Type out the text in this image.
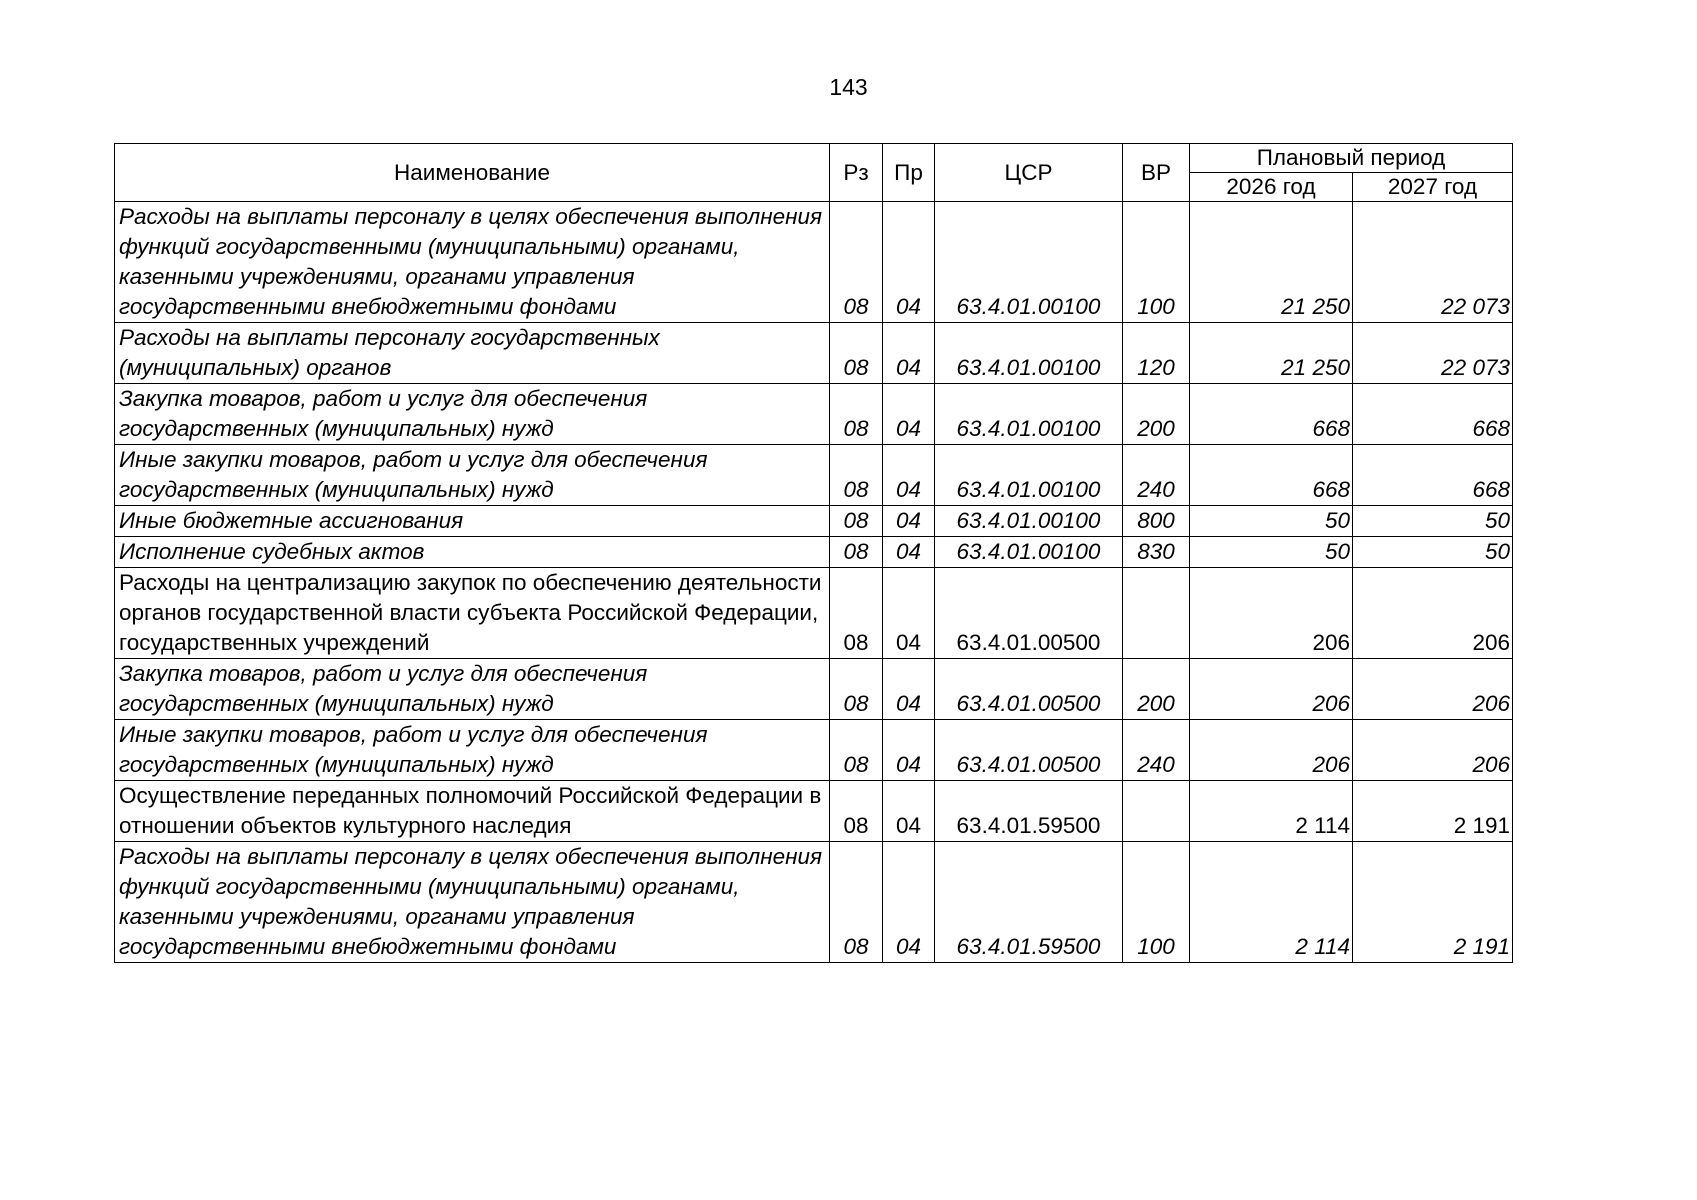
143
Наименование	Рз	Пр	ЦСР	ВР	Плановый период	
					2026 год	2027 год
Расходы на выплаты персоналу в целях обеспечения выполнения функций государственными (муниципальными) органами, казенными учреждениями, органами управления государственными внебюджетными фондами	08	04	63.4.01.00100	100	21 250	22 073
Расходы на выплаты персоналу государственных (муниципальных) органов	08	04	63.4.01.00100	120	21 250	22 073
Закупка товаров, работ и услуг для обеспечения государственных (муниципальных) нужд	08	04	63.4.01.00100	200	668	668
Иные закупки товаров, работ и услуг для обеспечения государственных (муниципальных) нужд	08	04	63.4.01.00100	240	668	668
Иные бюджетные ассигнования	08	04	63.4.01.00100	800	50	50
Исполнение судебных актов	08	04	63.4.01.00100	830	50	50
Расходы на централизацию закупок по обеспечению деятельности органов государственной власти субъекта Российской Федерации, государственных учреждений	08	04	63.4.01.00500		206	206
Закупка товаров, работ и услуг для обеспечения государственных (муниципальных) нужд	08	04	63.4.01.00500	200	206	206
Иные закупки товаров, работ и услуг для обеспечения государственных (муниципальных) нужд	08	04	63.4.01.00500	240	206	206
Осуществление переданных полномочий Российской Федерации в отношении объектов культурного наследия	08	04	63.4.01.59500		2 114	2 191
Расходы на выплаты персоналу в целях обеспечения выполнения функций государственными (муниципальными) органами, казенными учреждениями, органами управления государственными внебюджетными фондами	08	04	63.4.01.59500	100	2 114	2 191
